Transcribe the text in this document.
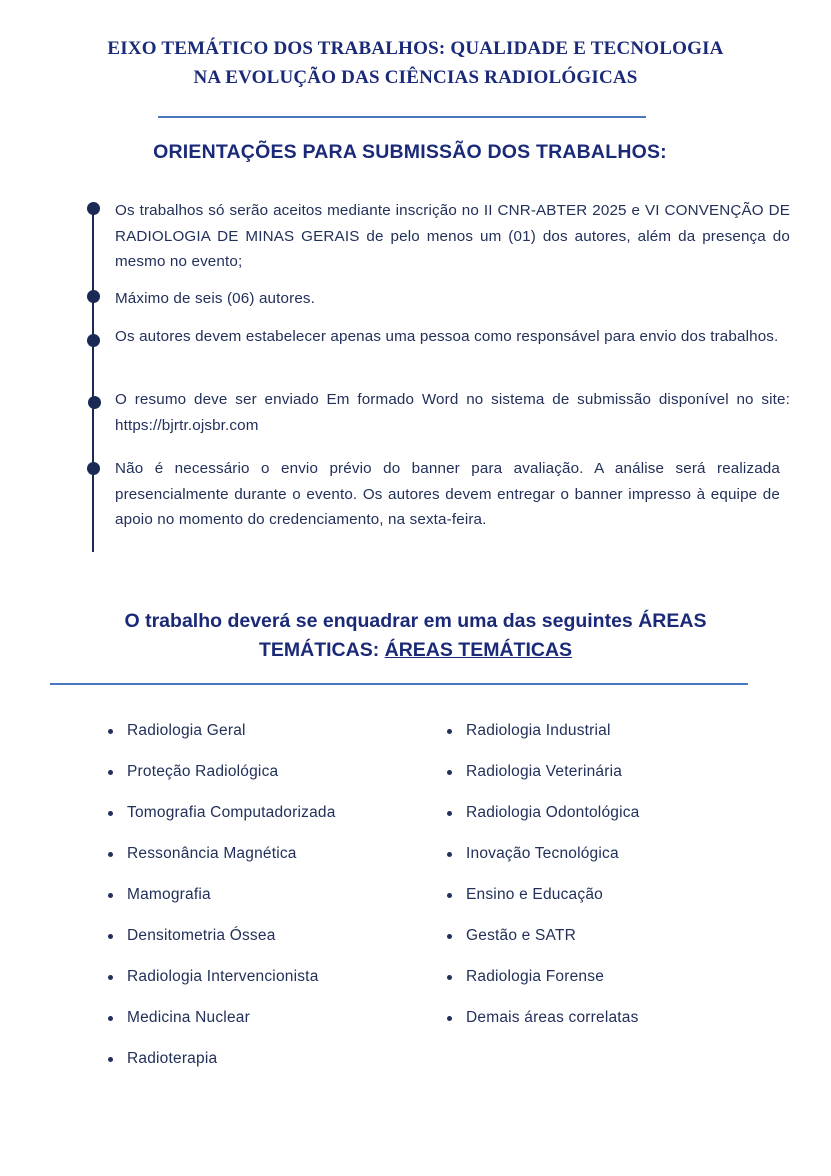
EIXO TEMÁTICO DOS TRABALHOS: QUALIDADE E TECNOLOGIA
NA EVOLUÇÃO DAS CIÊNCIAS RADIOLÓGICAS
ORIENTAÇÕES PARA SUBMISSÃO DOS TRABALHOS:
Os trabalhos só serão aceitos mediante inscrição no II CNR-ABTER 2025 e VI CONVENÇÃO DE RADIOLOGIA DE MINAS GERAIS de pelo menos um (01) dos autores, além da presença do mesmo no evento;
Máximo de seis (06) autores.
Os autores devem estabelecer apenas uma pessoa como responsável para envio dos trabalhos.
O resumo deve ser enviado Em formado Word no sistema de submissão disponível no site: https://bjrtr.ojsbr.com
Não é necessário o envio prévio do banner para avaliação. A análise será realizada presencialmente durante o evento. Os autores devem entregar o banner impresso à equipe de apoio no momento do credenciamento, na sexta-feira.
O trabalho deverá se enquadrar em uma das seguintes ÁREAS
TEMÁTICAS: ÁREAS TEMÁTICAS
Radiologia Geral
Proteção Radiológica
Tomografia Computadorizada
Ressonância Magnética
Mamografia
Densitometria Óssea
Radiologia Intervencionista
Medicina Nuclear
Radioterapia
Radiologia Industrial
Radiologia Veterinária
Radiologia Odontológica
Inovação Tecnológica
Ensino e Educação
Gestão e SATR
Radiologia Forense
Demais áreas correlatas
